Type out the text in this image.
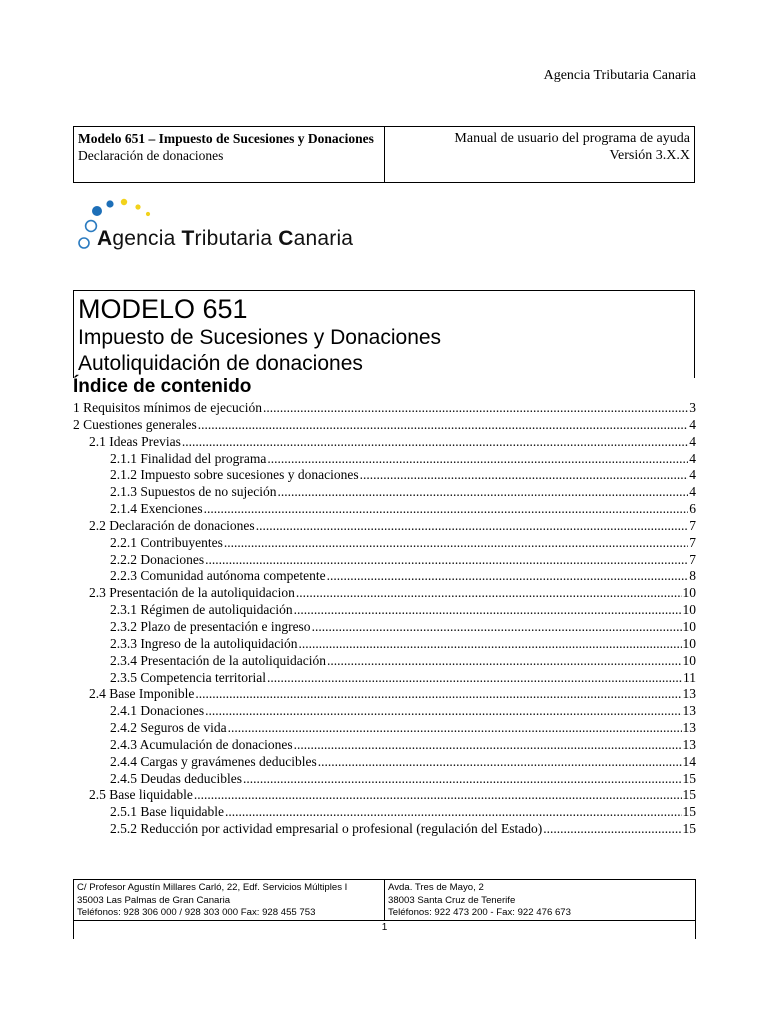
Agencia Tributaria Canaria
Modelo 651 – Impuesto de Sucesiones y Donaciones
Declaración de donaciones
Manual de usuario del programa de ayuda
Versión 3.X.X
Agencia Tributaria Canaria
MODELO 651
Impuesto de Sucesiones y Donaciones
Autoliquidación de donaciones
Índice de contenido
1 Requisitos mínimos de ejecución .....	3
2 Cuestiones generales .....	4
2.1 Ideas Previas .....	4
2.1.1 Finalidad del programa .....	4
2.1.2 Impuesto sobre sucesiones y donaciones .....	4
2.1.3 Supuestos de no sujeción .....	4
2.1.4 Exenciones .....	6
2.2 Declaración de donaciones .....	7
2.2.1 Contribuyentes .....	7
2.2.2 Donaciones .....	7
2.2.3 Comunidad autónoma competente .....	8
2.3 Presentación de la autoliquidacion .....	10
2.3.1 Régimen de autoliquidación .....	10
2.3.2 Plazo de presentación e ingreso .....	10
2.3.3 Ingreso de la autoliquidación .....	10
2.3.4 Presentación de la autoliquidación .....	10
2.3.5 Competencia territorial .....	11
2.4 Base Imponible .....	13
2.4.1 Donaciones .....	13
2.4.2 Seguros de vida .....	13
2.4.3 Acumulación de donaciones .....	13
2.4.4 Cargas y gravámenes deducibles .....	14
2.4.5 Deudas deducibles .....	15
2.5 Base liquidable .....	15
2.5.1 Base liquidable .....	15
2.5.2 Reducción por actividad empresarial o profesional (regulación del Estado) .....	15
C/ Profesor Agustín Millares Carló, 22, Edf. Servicios Múltiples I
35003 Las Palmas de Gran Canaria
Teléfonos: 928 306 000 / 928 303 000 Fax: 928 455 753
Avda. Tres de Mayo, 2
38003 Santa Cruz de Tenerife
Teléfonos: 922 473 200 - Fax: 922 476 673
1
